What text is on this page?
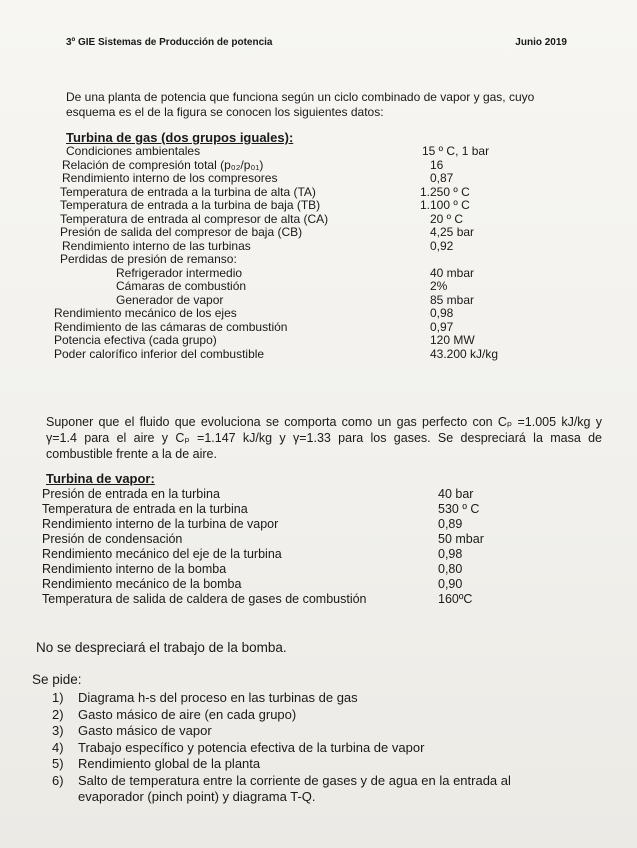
3º GIE Sistemas de Producción de potencia	Junio 2019
De una planta de potencia que funciona según un ciclo combinado de vapor y gas, cuyo esquema es el de la figura se conocen los siguientes datos:
Turbina de gas (dos grupos iguales):
Condiciones ambientales	15 º C, 1 bar
Relación de compresión total (p₀₂/p₀₁)	16
Rendimiento interno de los compresores	0,87
Temperatura de entrada a la turbina de alta (TA)	1.250 º C
Temperatura de entrada a la turbina de baja (TB)	1.100 º C
Temperatura de entrada al compresor de alta (CA)	20 º C
Presión de salida del compresor de baja (CB)	4,25 bar
Rendimiento interno de las turbinas	0,92
Perdidas de presión de remanso:
Refrigerador intermedio	40 mbar
Cámaras de combustión	2%
Generador de vapor	85 mbar
Rendimiento mecánico de los ejes	0,98
Rendimiento de las cámaras de combustión	0,97
Potencia efectiva (cada grupo)	120 MW
Poder calorífico inferior del combustible	43.200 kJ/kg
Suponer que el fluido que evoluciona se comporta como un gas perfecto con Cₚ =1.005 kJ/kg y γ=1.4 para el aire y Cₚ =1.147 kJ/kg y γ=1.33 para los gases. Se despreciará la masa de combustible frente a la de aire.
Turbina de vapor:
Presión de entrada en la turbina	40 bar
Temperatura de entrada en la turbina	530 º C
Rendimiento interno de la turbina de vapor	0,89
Presión de condensación	50 mbar
Rendimiento mecánico del eje de la turbina	0,98
Rendimiento interno de la bomba	0,80
Rendimiento mecánico de la bomba	0,90
Temperatura de salida de caldera de gases de combustión	160ºC
No se despreciará el trabajo de la bomba.
Se pide:
1) Diagrama h-s del proceso en las turbinas de gas
2) Gasto másico de aire (en cada grupo)
3) Gasto másico de vapor
4) Trabajo específico y potencia efectiva de la turbina de vapor
5) Rendimiento global de la planta
6) Salto de temperatura entre la corriente de gases y de agua en la entrada al evaporador (pinch point) y diagrama T-Q.
